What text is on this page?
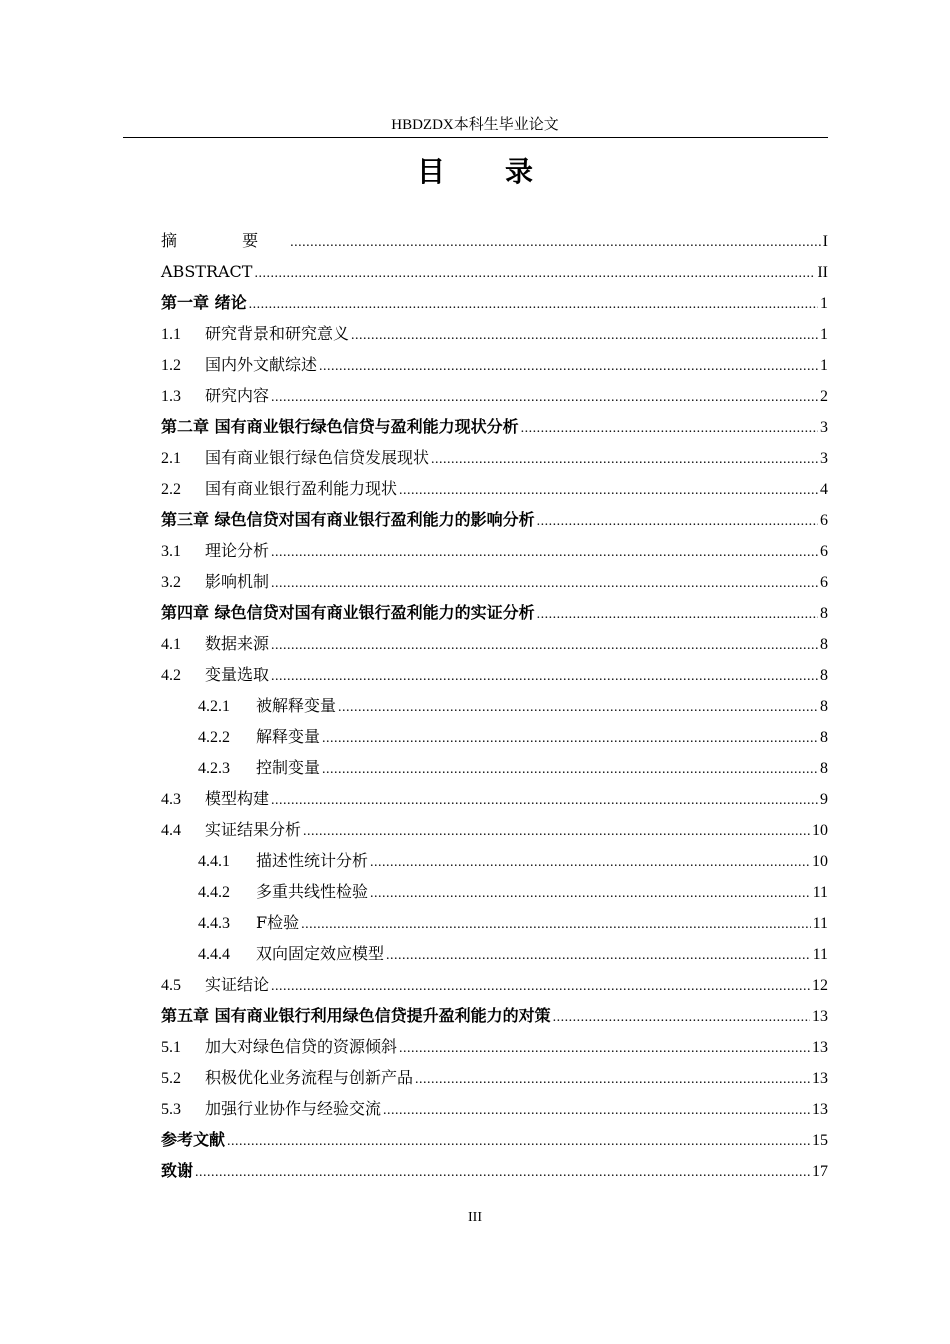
HBDZDX本科生毕业论文
目录
摘 要 .....	I
ABSTRACT .....	II
第一章 绪论 .....	1
1.1	研究背景和研究意义 .....	1
1.2	国内外文献综述 .....	1
1.3	研究内容 .....	2
第二章 国有商业银行绿色信贷与盈利能力现状分析 .....	3
2.1	国有商业银行绿色信贷发展现状 .....	3
2.2	国有商业银行盈利能力现状 .....	4
第三章 绿色信贷对国有商业银行盈利能力的影响分析 .....	6
3.1	理论分析 .....	6
3.2	影响机制 .....	6
第四章 绿色信贷对国有商业银行盈利能力的实证分析 .....	8
4.1	数据来源 .....	8
4.2	变量选取 .....	8
4.2.1	被解释变量 .....	8
4.2.2	解释变量 .....	8
4.2.3	控制变量 .....	8
4.3	模型构建 .....	9
4.4	实证结果分析 .....	10
4.4.1	描述性统计分析 .....	10
4.4.2	多重共线性检验 .....	11
4.4.3	F检验 .....	11
4.4.4	双向固定效应模型 .....	11
4.5	实证结论 .....	12
第五章 国有商业银行利用绿色信贷提升盈利能力的对策 .....	13
5.1	加大对绿色信贷的资源倾斜 .....	13
5.2	积极优化业务流程与创新产品 .....	13
5.3	加强行业协作与经验交流 .....	13
参考文献 .....	15
致谢 .....	17
III
